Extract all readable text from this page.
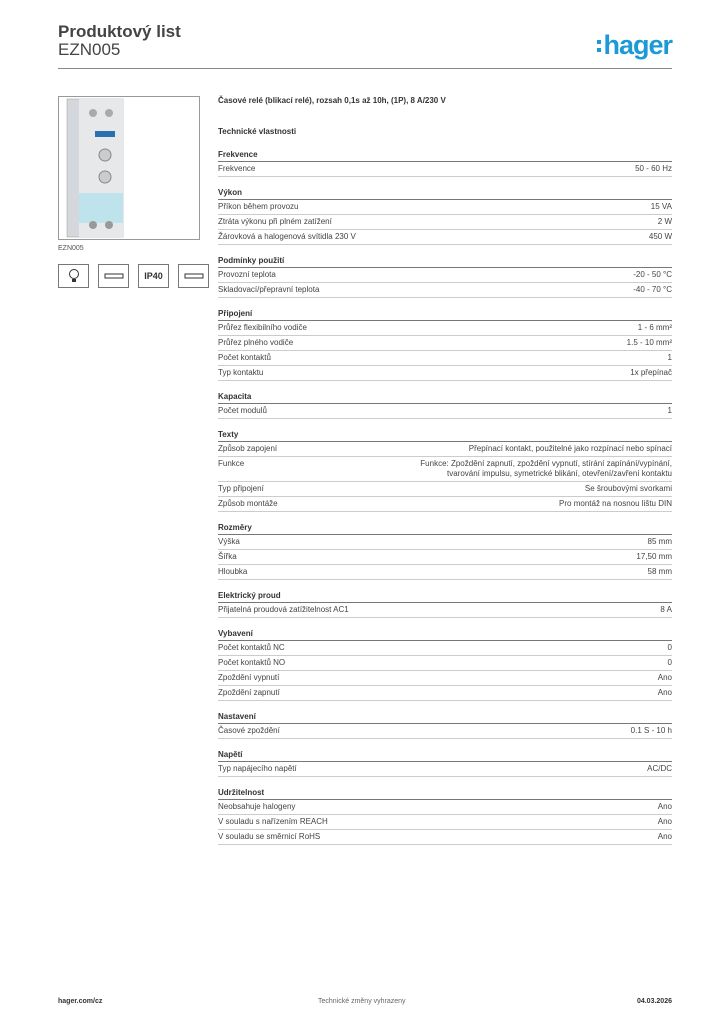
Produktový list
EZN005	hager
EZN005
IP40
Časové relé (blikací relé), rozsah 0,1s až 10h, (1P), 8 A/230 V
Technické vlastnosti
Frekvence
Frekvence	50 - 60 Hz
Výkon
Příkon během provozu	15 VA
Ztráta výkonu při plném zatížení	2 W
Žárovková a halogenová svítidla 230 V	450 W
Podmínky použití
Provozní teplota	-20 - 50 °C
Skladovací/přepravní teplota	-40 - 70 °C
Připojení
Průřez flexibilního vodiče	1 - 6 mm²
Průřez plného vodiče	1.5 - 10 mm²
Počet kontaktů	1
Typ kontaktu	1x přepínač
Kapacita
Počet modulů	1
Texty
Způsob zapojení	Přepínací kontakt, použitelné jako rozpínací nebo spínací
Funkce	Funkce: Zpoždění zapnutí, zpoždění vypnutí, stírání zapínání/vypínání, tvarování impulsu, symetrické blikání, otevření/zavření kontaktu
Typ připojení	Se šroubovými svorkami
Způsob montáže	Pro montáž na nosnou lištu DIN
Rozměry
Výška	85 mm
Šířka	17,50 mm
Hloubka	58 mm
Elektrický proud
Přijatelná proudová zatížitelnost AC1	8 A
Vybavení
Počet kontaktů NC	0
Počet kontaktů NO	0
Zpoždění vypnutí	Ano
Zpoždění zapnutí	Ano
Nastavení
Časové zpoždění	0.1 S - 10 h
Napětí
Typ napájecího napětí	AC/DC
Udržitelnost
Neobsahuje halogeny	Ano
V souladu s nařízením REACH	Ano
V souladu se směrnicí RoHS	Ano
hager.com/cz	Technické změny vyhrazeny	04.03.2026
